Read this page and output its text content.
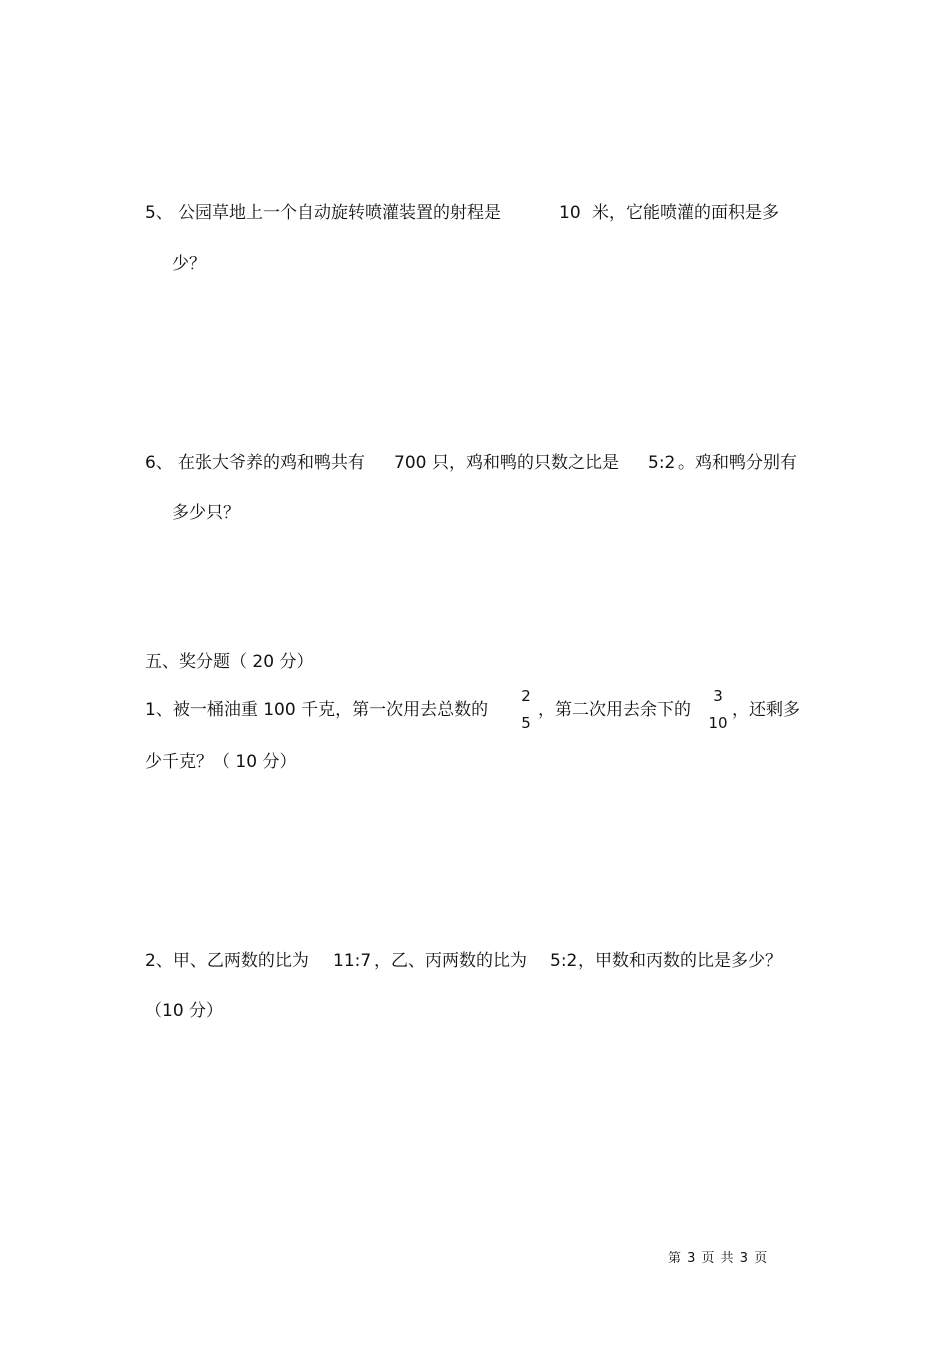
5、 公园草地上一个自动旋转喷灌装置的射程是	10 米，它能喷灌的面积是多
少？
6、 在张大爷养的鸡和鸭共有 700 只，鸡和鸭的只数之比是 5:2 。鸡和鸭分别有
多少只？
五、奖分题（ 20 分）
1、被一桶油重 100 千克，第一次用去总数的
2
5
，第二次用去余下的
3
10
，还剩多
少千克？（ 10 分）
2、甲、乙两数的比为 11:7 ，乙、丙两数的比为 5:2 ，甲数和丙数的比是多少？
（10 分）
第 3 页 共 3 页
